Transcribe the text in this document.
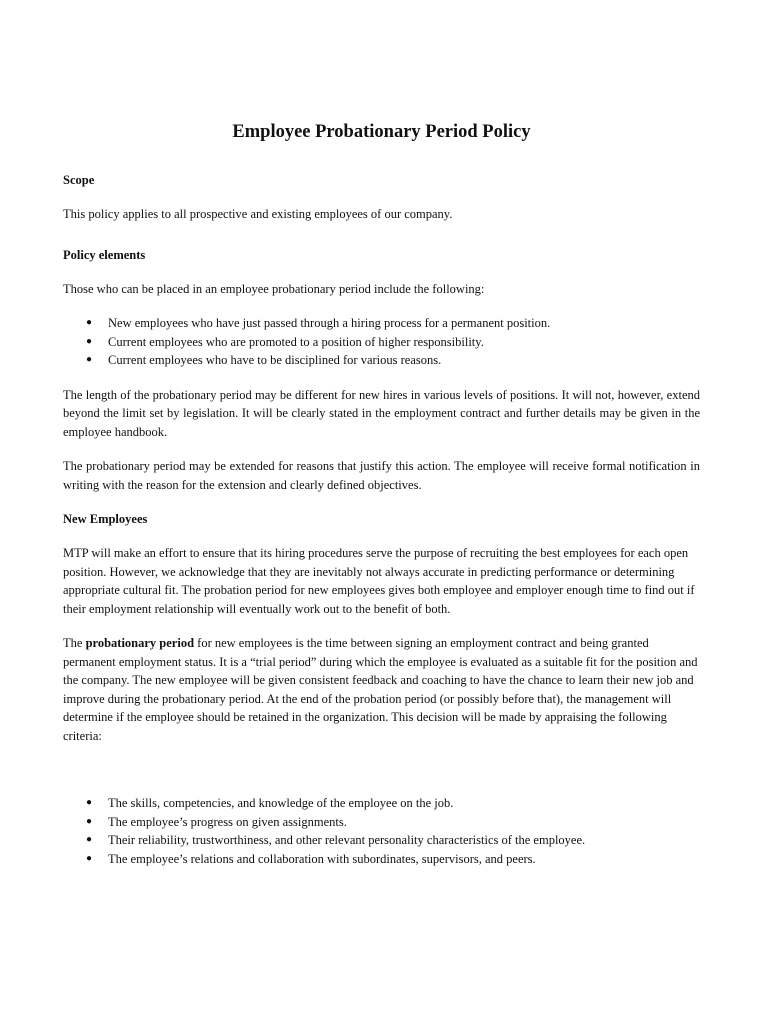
Employee Probationary Period Policy
Scope

This policy applies to all prospective and existing employees of our company.

Policy elements

Those who can be placed in an employee probationary period include the following:

● New employees who have just passed through a hiring process for a permanent position.
● Current employees who are promoted to a position of higher responsibility.
● Current employees who have to be disciplined for various reasons.

The length of the probationary period may be different for new hires in various levels of positions. It will not, however, extend beyond the limit set by legislation. It will be clearly stated in the employment contract and further details may be given in the employee handbook.

The probationary period may be extended for reasons that justify this action. The employee will receive formal notification in writing with the reason for the extension and clearly defined objectives.

New Employees

MTP will make an effort to ensure that its hiring procedures serve the purpose of recruiting the best employees for each open position. However, we acknowledge that they are inevitably not always accurate in predicting performance or determining appropriate cultural fit. The probation period for new employees gives both employee and employer enough time to find out if their employment relationship will eventually work out to the benefit of both.

The probationary period for new employees is the time between signing an employment contract and being granted permanent employment status. It is a “trial period” during which the employee is evaluated as a suitable fit for the position and the company. The new employee will be given consistent feedback and coaching to have the chance to learn their new job and improve during the probationary period. At the end of the probation period (or possibly before that), the management will determine if the employee should be retained in the organization. This decision will be made by appraising the following criteria:

● The skills, competencies, and knowledge of the employee on the job.
● The employee’s progress on given assignments.
● Their reliability, trustworthiness, and other relevant personality characteristics of the employee.
● The employee’s relations and collaboration with subordinates, supervisors, and peers.
